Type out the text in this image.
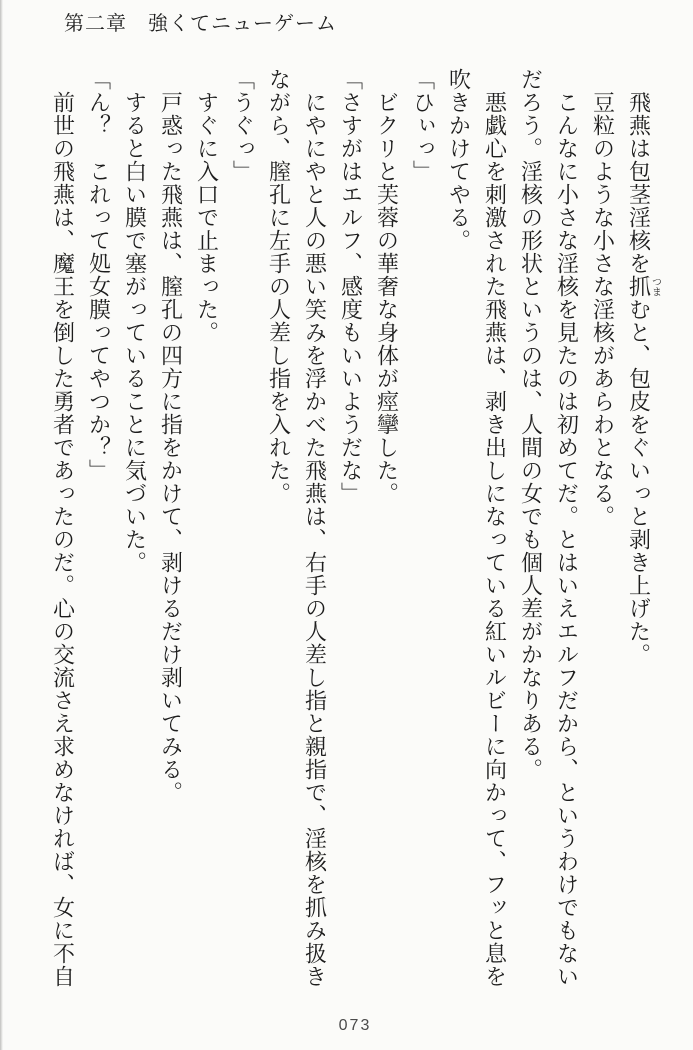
第二章　強くてニューゲーム

飛燕は包茎淫核を抓つまむと、包皮をぐいっと剥き上げた。

豆粒のような小さな淫核があらわとなる。

こんなに小さな淫核を見たのは初めてだ。とはいえエルフだから、というわけでもないだろう。淫核の形状というのは、人間の女でも個人差がかなりある。

悪戯心を刺激された飛燕は、剥き出しになっている紅いルビーに向かって、フッと息を吹きかけてやる。

「ひぃっ」

ビクリと芙蓉の華奢な身体が痙攣した。

「さすがはエルフ、感度もいいようだな」

にやにやと人の悪い笑みを浮かべた飛燕は、右手の人差し指と親指で、淫核を抓み扱きながら、膣孔に左手の人差し指を入れた。

「うぐっ」

すぐに入口で止まった。

戸惑った飛燕は、膣孔の四方に指をかけて、剥けるだけ剥いてみる。

すると白い膜で塞がっていることに気づいた。

「ん？　これって処女膜ってやつか？」

前世の飛燕は、魔王を倒した勇者であったのだ。心の交流さえ求めなければ、女に不自

073
